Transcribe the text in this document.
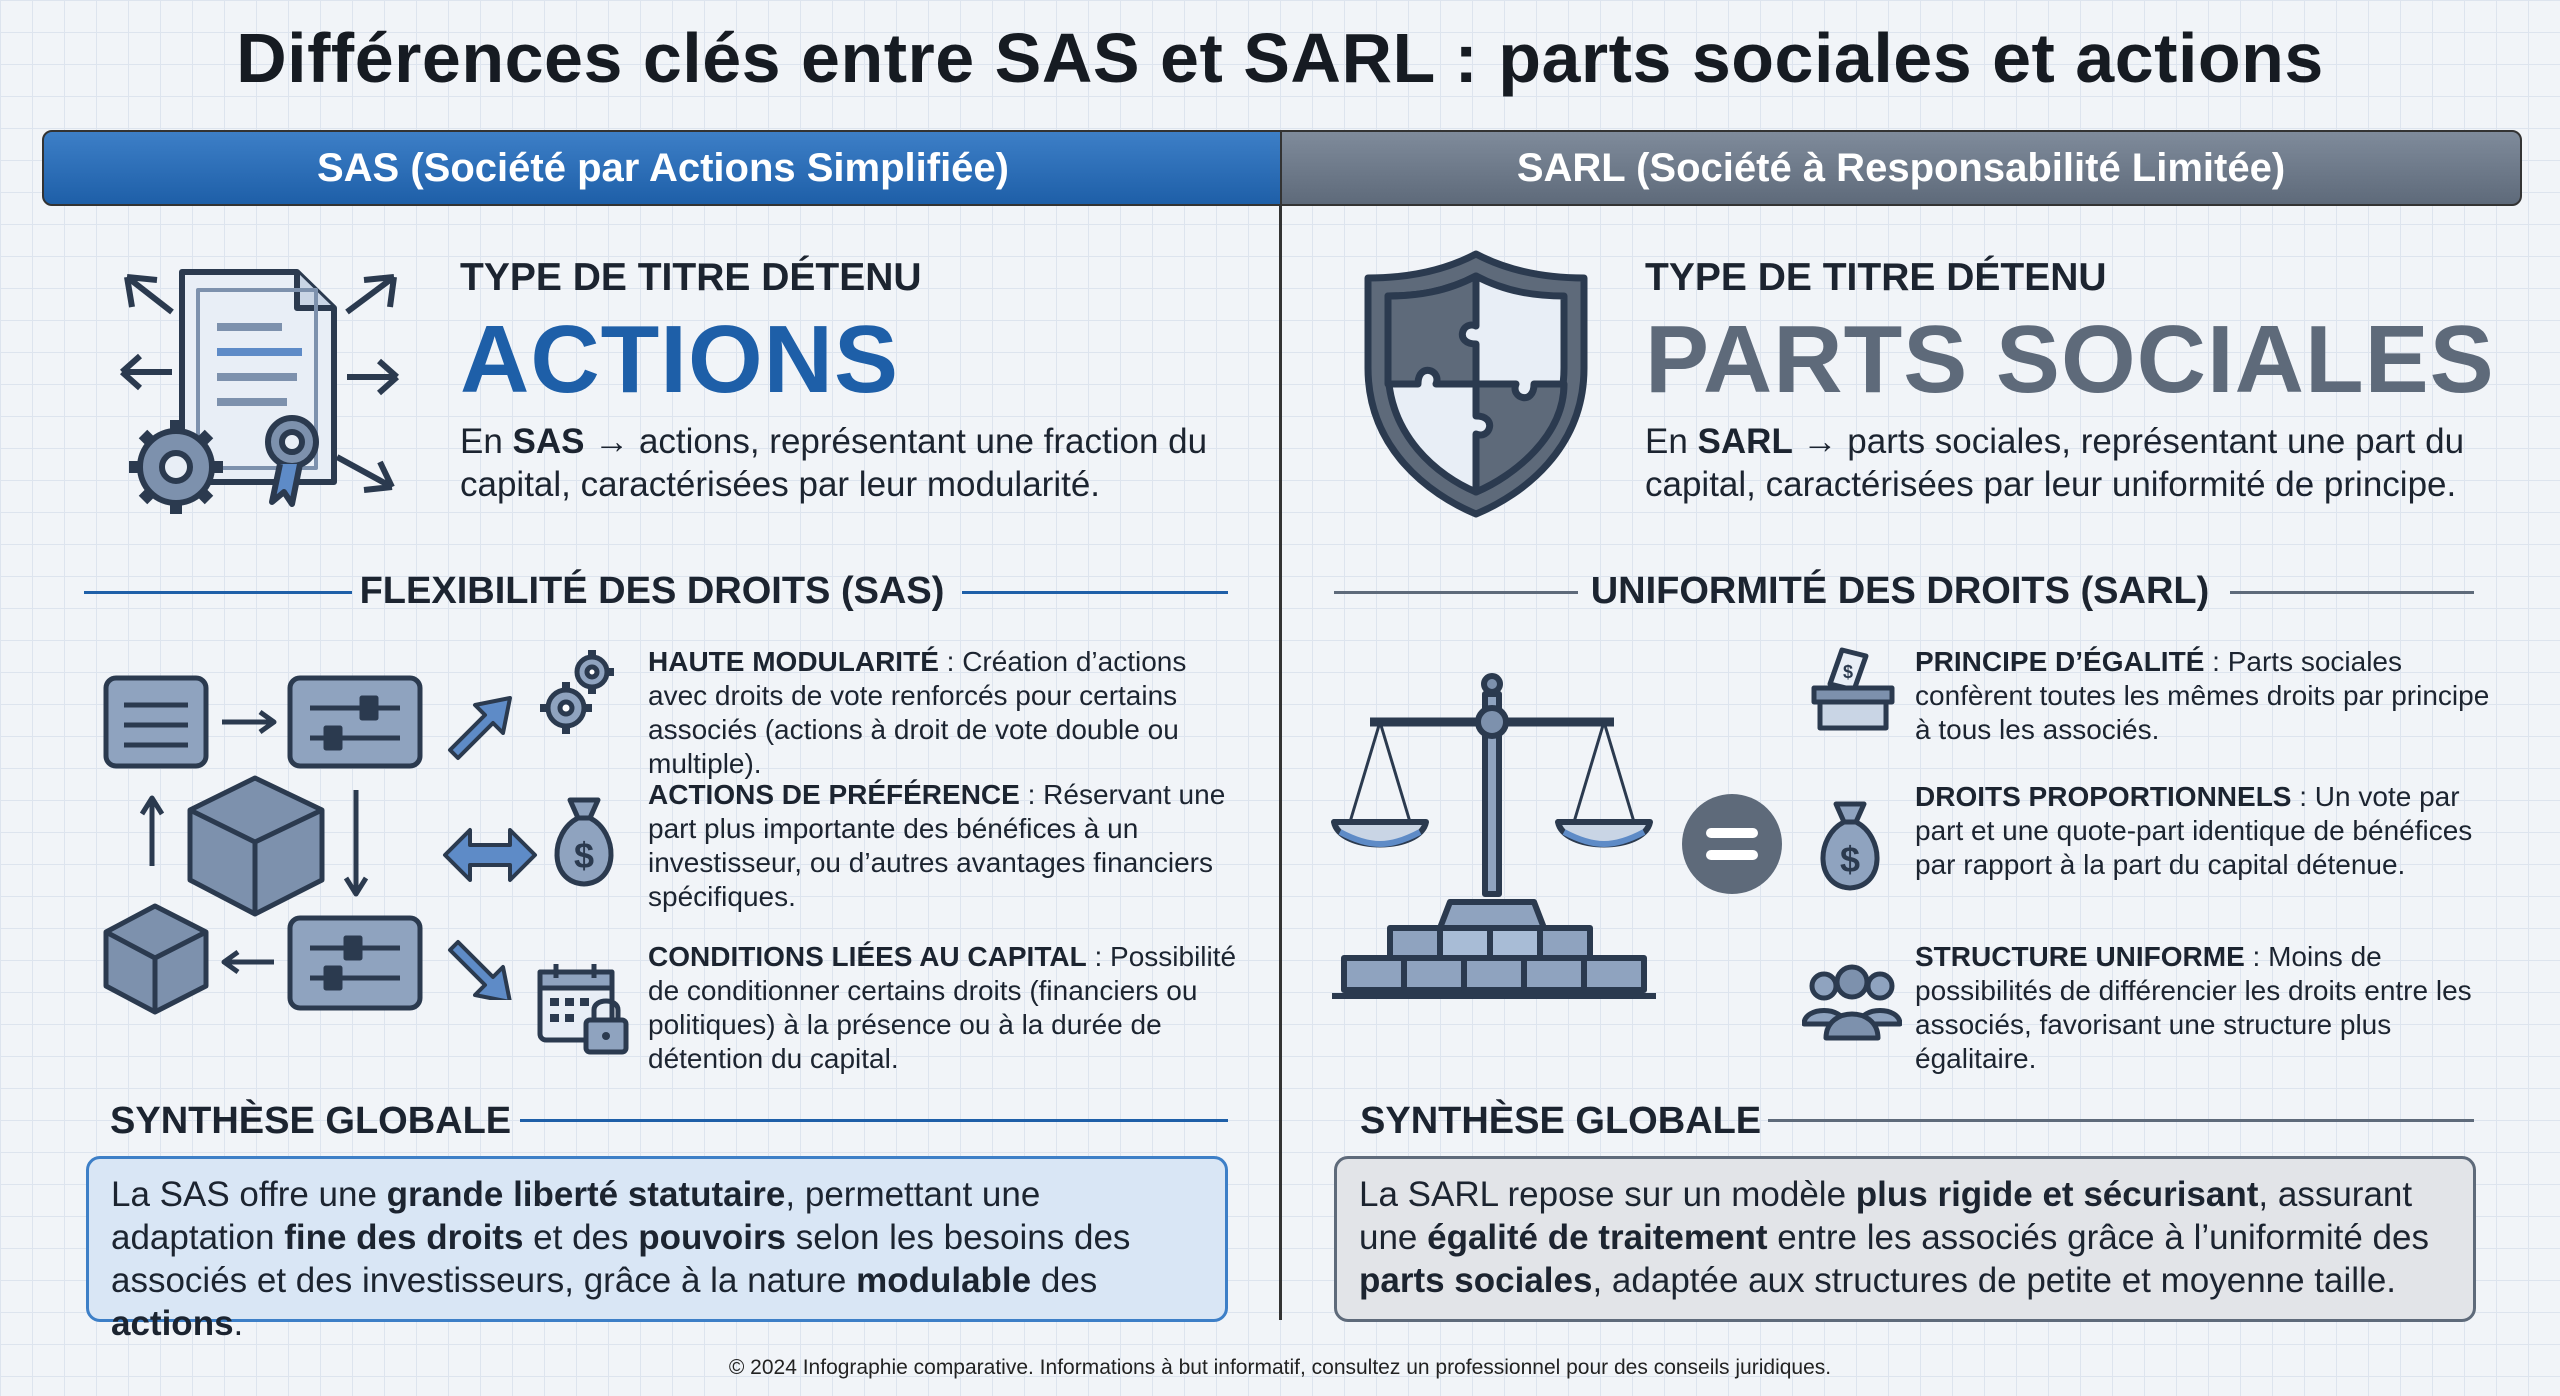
Différences clés entre SAS et SARL : parts sociales et actions
SAS (Société par Actions Simplifiée)	SARL (Société à Responsabilité Limitée)
TYPE DE TITRE DÉTENU
ACTIONS
En SAS → actions, représentant une fraction du capital, caractérisées par leur modularité.
FLEXIBILITÉ DES DROITS (SAS)
HAUTE MODULARITÉ : Création d’actions avec droits de vote renforcés pour certains associés (actions à droit de vote double ou multiple).
$
ACTIONS DE PRÉFÉRENCE : Réservant une part plus importante des bénéfices à un investisseur, ou d’autres avantages financiers spécifiques.
CONDITIONS LIÉES AU CAPITAL : Possibilité de conditionner certains droits (financiers ou politiques) à la présence ou à la durée de détention du capital.
SYNTHÈSE GLOBALE
La SAS offre une grande liberté statutaire, permettant une adaptation fine des droits et des pouvoirs selon les besoins des associés et des investisseurs, grâce à la nature modulable des actions.
TYPE DE TITRE DÉTENU
PARTS SOCIALES
En SARL → parts sociales, représentant une part du capital, caractérisées par leur uniformité de principe.
UNIFORMITÉ DES DROITS (SARL)
$ PRINCIPE D’ÉGALITÉ : Parts sociales confèrent toutes les mêmes droits par principe à tous les associés.
$
DROITS PROPORTIONNELS : Un vote par part et une quote-part identique de bénéfices par rapport à la part du capital détenue.
STRUCTURE UNIFORME : Moins de possibilités de différencier les droits entre les associés, favorisant une structure plus égalitaire.
SYNTHÈSE GLOBALE
La SARL repose sur un modèle plus rigide et sécurisant, assurant une égalité de traitement entre les associés grâce à l’uniformité des parts sociales, adaptée aux structures de petite et moyenne taille.
© 2024 Infographie comparative. Informations à but informatif, consultez un professionnel pour des conseils juridiques.
